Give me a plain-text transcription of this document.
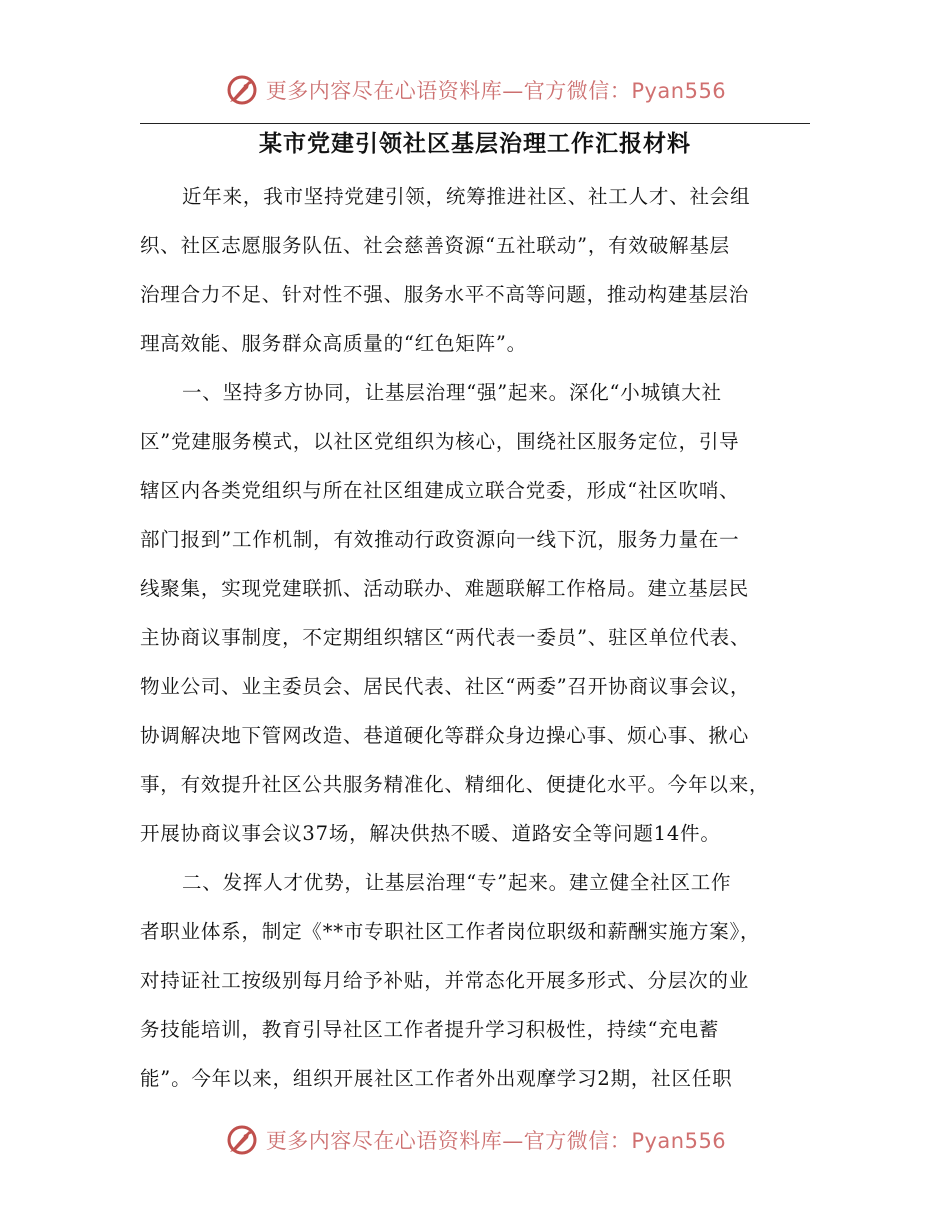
更多内容尽在心语资料库—官方微信：Pyan556
某市党建引领社区基层治理工作汇报材料
近年来，我市坚持党建引领，统筹推进社区、社工人才、社会组
织、社区志愿服务队伍、社会慈善资源“五社联动”，有效破解基层
治理合力不足、针对性不强、服务水平不高等问题，推动构建基层治
理高效能、服务群众高质量的“红色矩阵”。
一、坚持多方协同，让基层治理“强”起来。深化“小城镇大社
区”党建服务模式，以社区党组织为核心，围绕社区服务定位，引导
辖区内各类党组织与所在社区组建成立联合党委，形成“社区吹哨、
部门报到”工作机制，有效推动行政资源向一线下沉，服务力量在一
线聚集，实现党建联抓、活动联办、难题联解工作格局。建立基层民
主协商议事制度，不定期组织辖区“两代表一委员”、驻区单位代表、
物业公司、业主委员会、居民代表、社区“两委”召开协商议事会议，
协调解决地下管网改造、巷道硬化等群众身边操心事、烦心事、揪心
事，有效提升社区公共服务精准化、精细化、便捷化水平。今年以来，
开展协商议事会议37场，解决供热不暖、道路安全等问题14件。
二、发挥人才优势，让基层治理“专”起来。建立健全社区工作
者职业体系，制定《**市专职社区工作者岗位职级和薪酬实施方案》，
对持证社工按级别每月给予补贴，并常态化开展多形式、分层次的业
务技能培训，教育引导社区工作者提升学习积极性，持续“充电蓄
能”。今年以来，组织开展社区工作者外出观摩学习2期，社区任职
更多内容尽在心语资料库—官方微信：Pyan556
